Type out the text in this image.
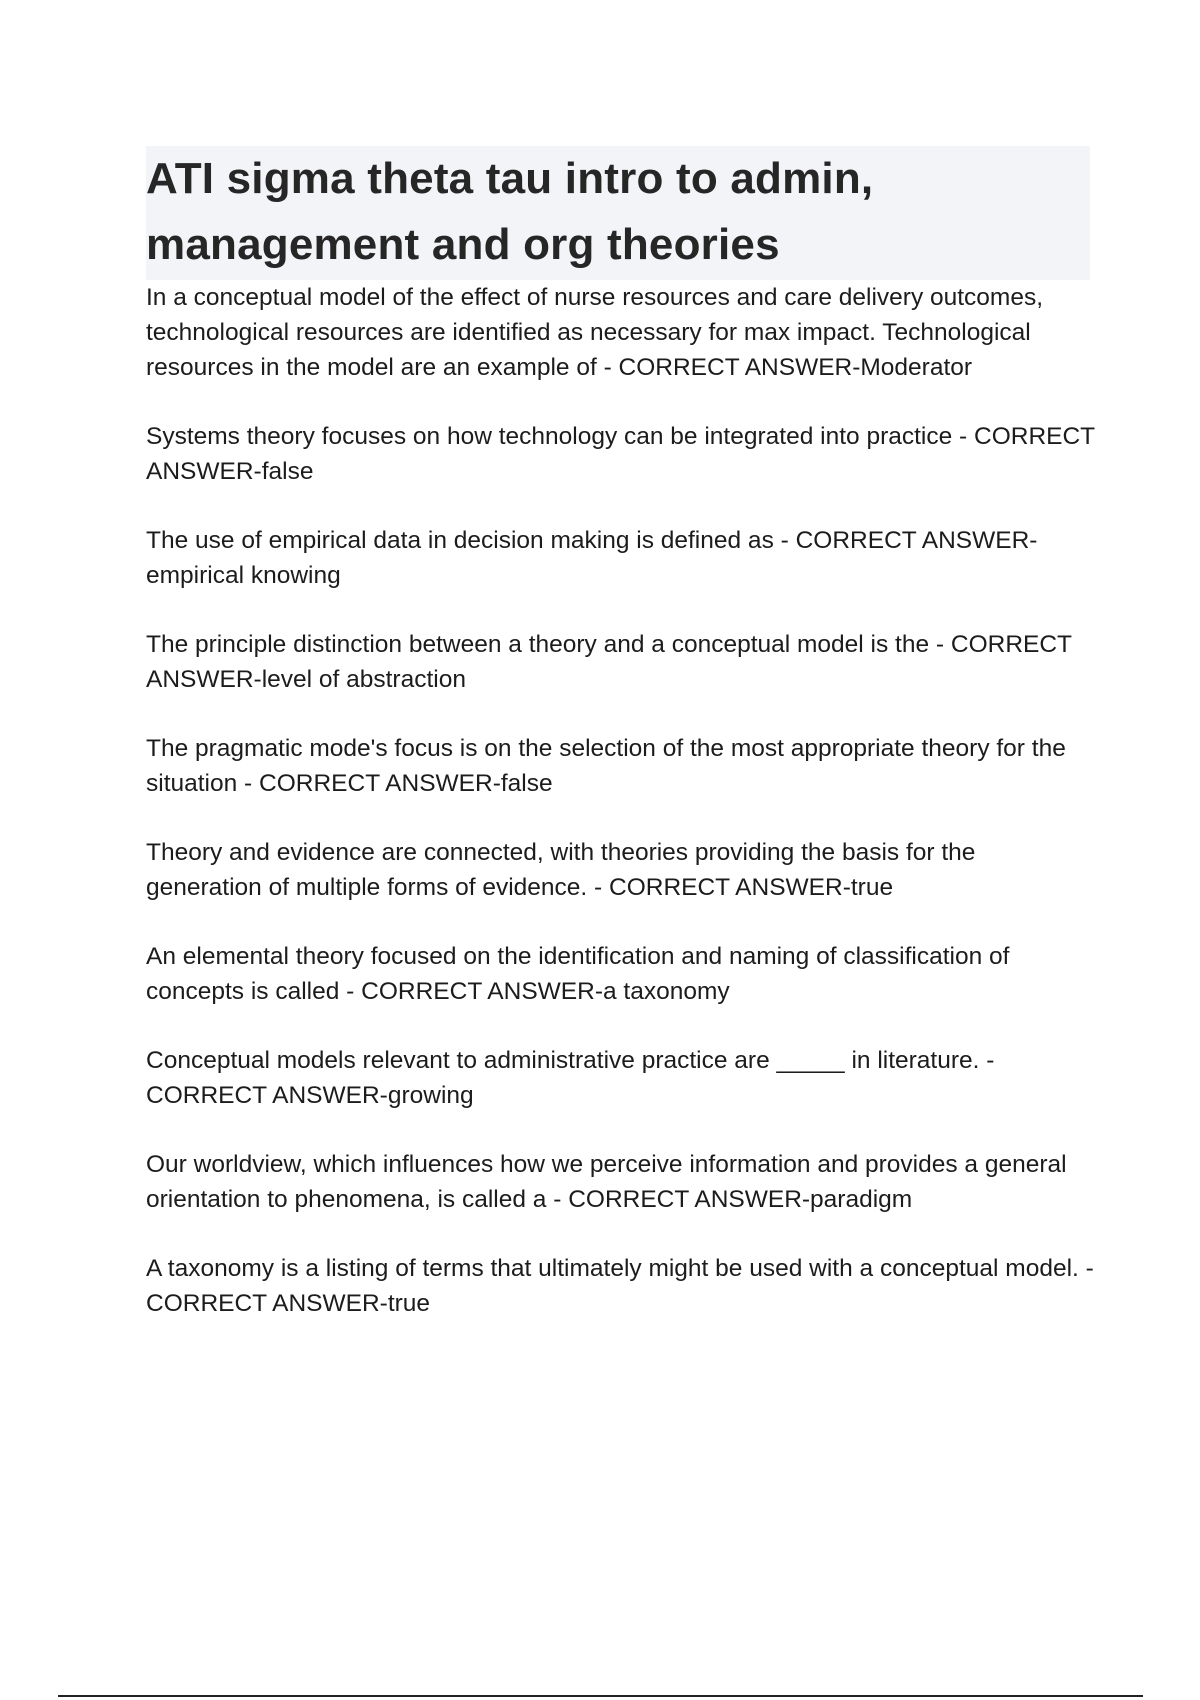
ATI sigma theta tau intro to admin, management and org theories

In a conceptual model of the effect of nurse resources and care delivery outcomes, technological resources are identified as necessary for max impact. Technological resources in the model are an example of - CORRECT ANSWER-Moderator

Systems theory focuses on how technology can be integrated into practice - CORRECT ANSWER-false

The use of empirical data in decision making is defined as - CORRECT ANSWER-empirical knowing

The principle distinction between a theory and a conceptual model is the - CORRECT ANSWER-level of abstraction

The pragmatic mode's focus is on the selection of the most appropriate theory for the situation - CORRECT ANSWER-false

Theory and evidence are connected, with theories providing the basis for the generation of multiple forms of evidence. - CORRECT ANSWER-true

An elemental theory focused on the identification and naming of classification of concepts is called - CORRECT ANSWER-a taxonomy

Conceptual models relevant to administrative practice are _____ in literature. - CORRECT ANSWER-growing

Our worldview, which influences how we perceive information and provides a general orientation to phenomena, is called a - CORRECT ANSWER-paradigm

A taxonomy is a listing of terms that ultimately might be used with a conceptual model. - CORRECT ANSWER-true
